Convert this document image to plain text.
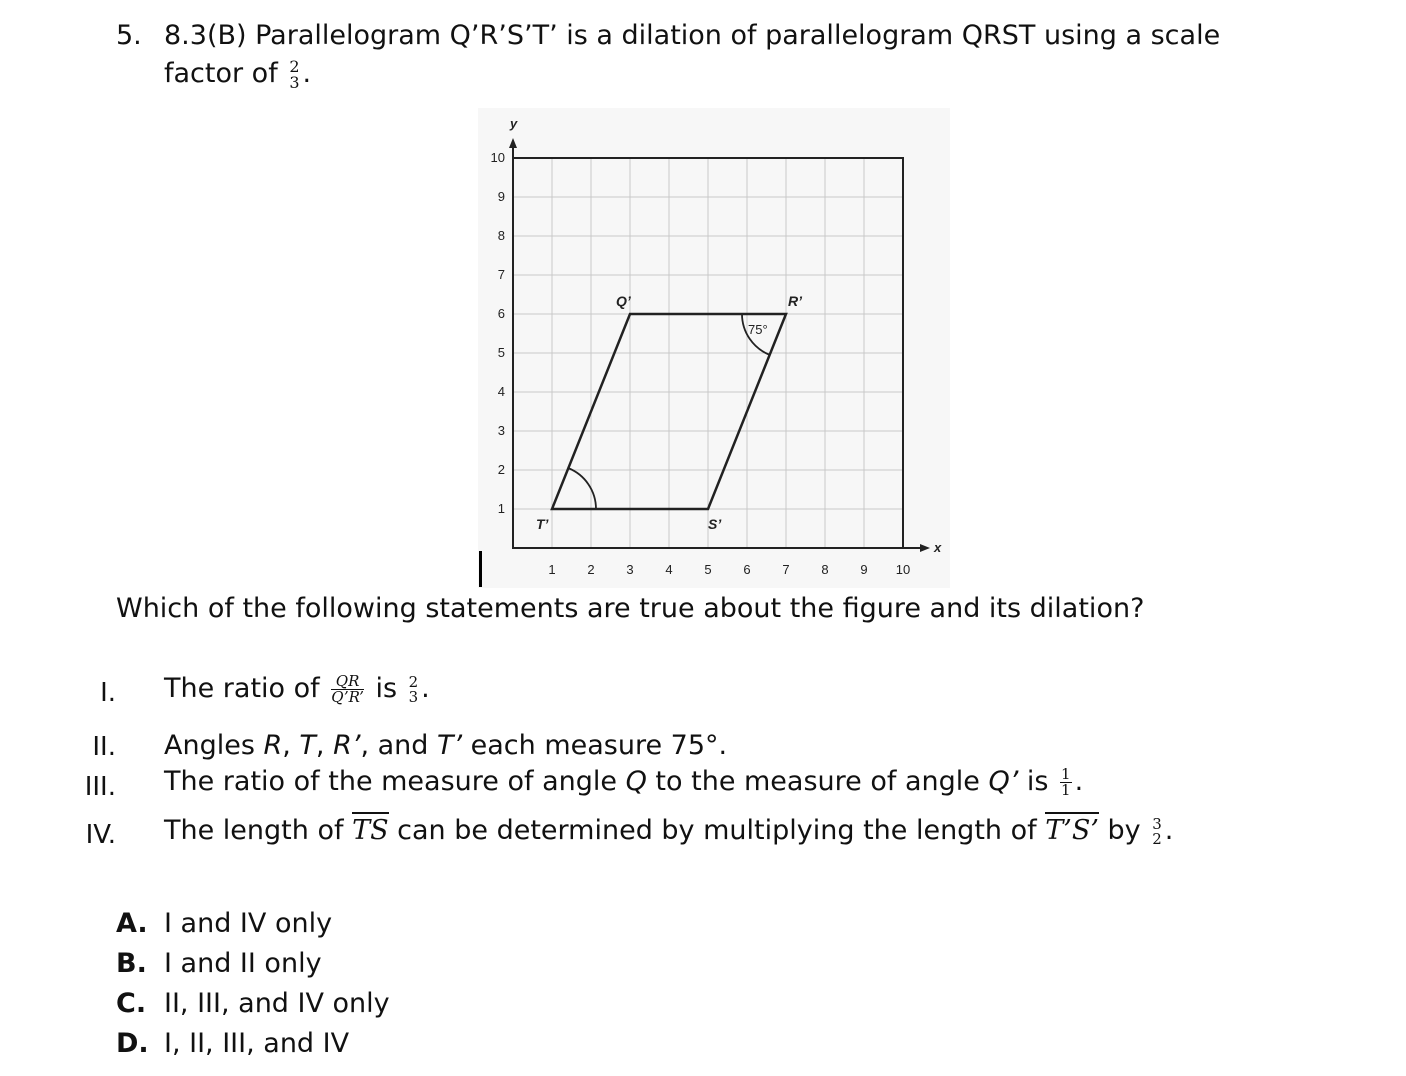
5. 8.3(B) Parallelogram Q’R’S’T’ is a dilation of parallelogram QRST using a scale
factor of 2
3 .
1 2 3 4 5 6 7 8 9 10
1
2
3
4
5
6
7
8
9
10
75°
Q’	R’
S’
T’
y
x
Which of the following statements are true about the figure and its dilation?
I. The ratio of $\frac{QR}{Q’R’}$ is 2
3 .
II. Angles R, T, R’, and T’ each measure 75°.
III. The ratio of the measure of angle Q to the measure of angle Q’ is $\frac{1}{1}$ .
IV. The length of TS can be determined by multiplying the length of T’S’ by 3
2 .
A. I and IV only
B. I and II only
C. II, III, and IV only
D. I, II, III, and IV
